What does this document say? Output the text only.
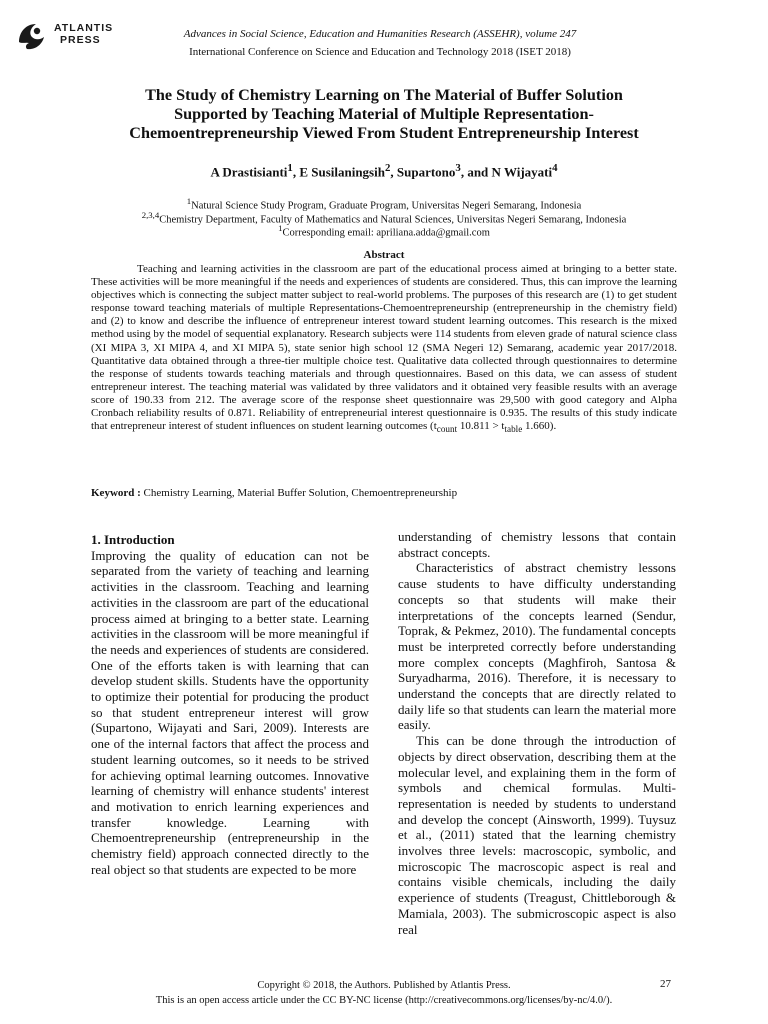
ATLANTIS
PRESS	Advances in Social Science, Education and Humanities Research (ASSEHR), volume 247
International Conference on Science and Education and Technology 2018 (ISET 2018)
The Study of Chemistry Learning on The Material of Buffer Solution
Supported by Teaching Material of Multiple Representation-
Chemoentrepreneurship Viewed From Student Entrepreneurship Interest
A Drastisianti$^1$, E Susilaningsih$^2$, Supartono$^3$, and N Wijayati$^4$
$^1$Natural Science Study Program, Graduate Program, Universitas Negeri Semarang, Indonesia
$^{2,3,4}$Chemistry Department, Faculty of Mathematics and Natural Sciences, Universitas Negeri Semarang, Indonesia
$^1$Corresponding email: apriliana.adda@gmail.com
Abstract

Teaching and learning activities in the classroom are part of the educational process aimed at bringing to a better state. These activities will be more meaningful if the needs and experiences of students are considered. Thus, this can improve the learning objectives which is connecting the subject matter subject to real-world problems. The purposes of this research are (1) to get student response toward teaching materials of multiple Representations-Chemoentrepreneurship (entrepreneurship in the chemistry field) and (2) to know and describe the influence of entrepreneur interest toward student learning outcomes. This research is the mixed method using by the model of sequential explanatory. Research subjects were 114 students from eleven grade of natural science class (XI MIPA 3, XI MIPA 4, and XI MIPA 5), state senior high school 12 (SMA Negeri 12) Semarang, academic year 2017/2018. Quantitative data obtained through a three-tier multiple choice test. Qualitative data collected through questionnaires to determine the response of students towards teaching materials and through questionnaires. Based on this data, we can assess of student entrepreneur interest. The teaching material was validated by three validators and it obtained very feasible results with an average score of 190.33 from 212. The average score of the response sheet questionnaire was 29,500 with good category and Alpha Cronbach reliability results of 0.871. Reliability of entrepreneurial interest questionnaire is 0.935. The results of this study indicate that entrepreneur interest of student influences on student learning outcomes ($t_{count}$ $10.811 > t_{table}$ 1.660).

Keyword : Chemistry Learning, Material Buffer Solution, Chemoentrepreneurship

1. Introduction

Improving the quality of education can not be separated from the variety of teaching and learning activities in the classroom. Teaching and learning activities in the classroom are part of the educational process aimed at bringing to a better state. Learning activities in the classroom will be more meaningful if the needs and experiences of students are considered. One of the efforts taken is with learning that can develop student skills. Students have the opportunity to optimize their potential for producing the product so that student entrepreneur interest will grow (Supartono, Wijayati and Sari, 2009). Interests are one of the internal factors that affect the process and student learning outcomes, so it needs to be strived for achieving optimal learning outcomes. Innovative learning of chemistry will enhance students' interest and motivation to enrich learning experiences and transfer knowledge. Learning with Chemoentrepreneurship (entrepreneurship in the chemistry field) approach connected directly to the real object so that students are expected to be more

understanding of chemistry lessons that contain abstract concepts.

Characteristics of abstract chemistry lessons cause students to have difficulty understanding concepts so that students will make their interpretations of the concepts learned (Sendur, Toprak, & Pekmez, 2010). The fundamental concepts must be interpreted correctly before understanding more complex concepts (Maghfiroh, Santosa & Suryadharma, 2016). Therefore, it is necessary to understand the concepts that are directly related to daily life so that students can learn the material more easily.

This can be done through the introduction of objects by direct observation, describing them at the molecular level, and explaining them in the form of symbols and chemical formulas. Multi-representation is needed by students to understand and develop the concept (Ainsworth, 1999). Tuysuz et al., (2011) stated that the learning chemistry involves three levels: macroscopic, symbolic, and microscopic The macroscopic aspect is real and contains visible chemicals, including the daily experience of students (Treagust, Chittleborough & Mamiala, 2003). The submicroscopic aspect is also real

Copyright © 2018, the Authors. Published by Atlantis Press.
This is an open access article under the CC BY-NC license (http://creativecommons.org/licenses/by-nc/4.0/).
27
